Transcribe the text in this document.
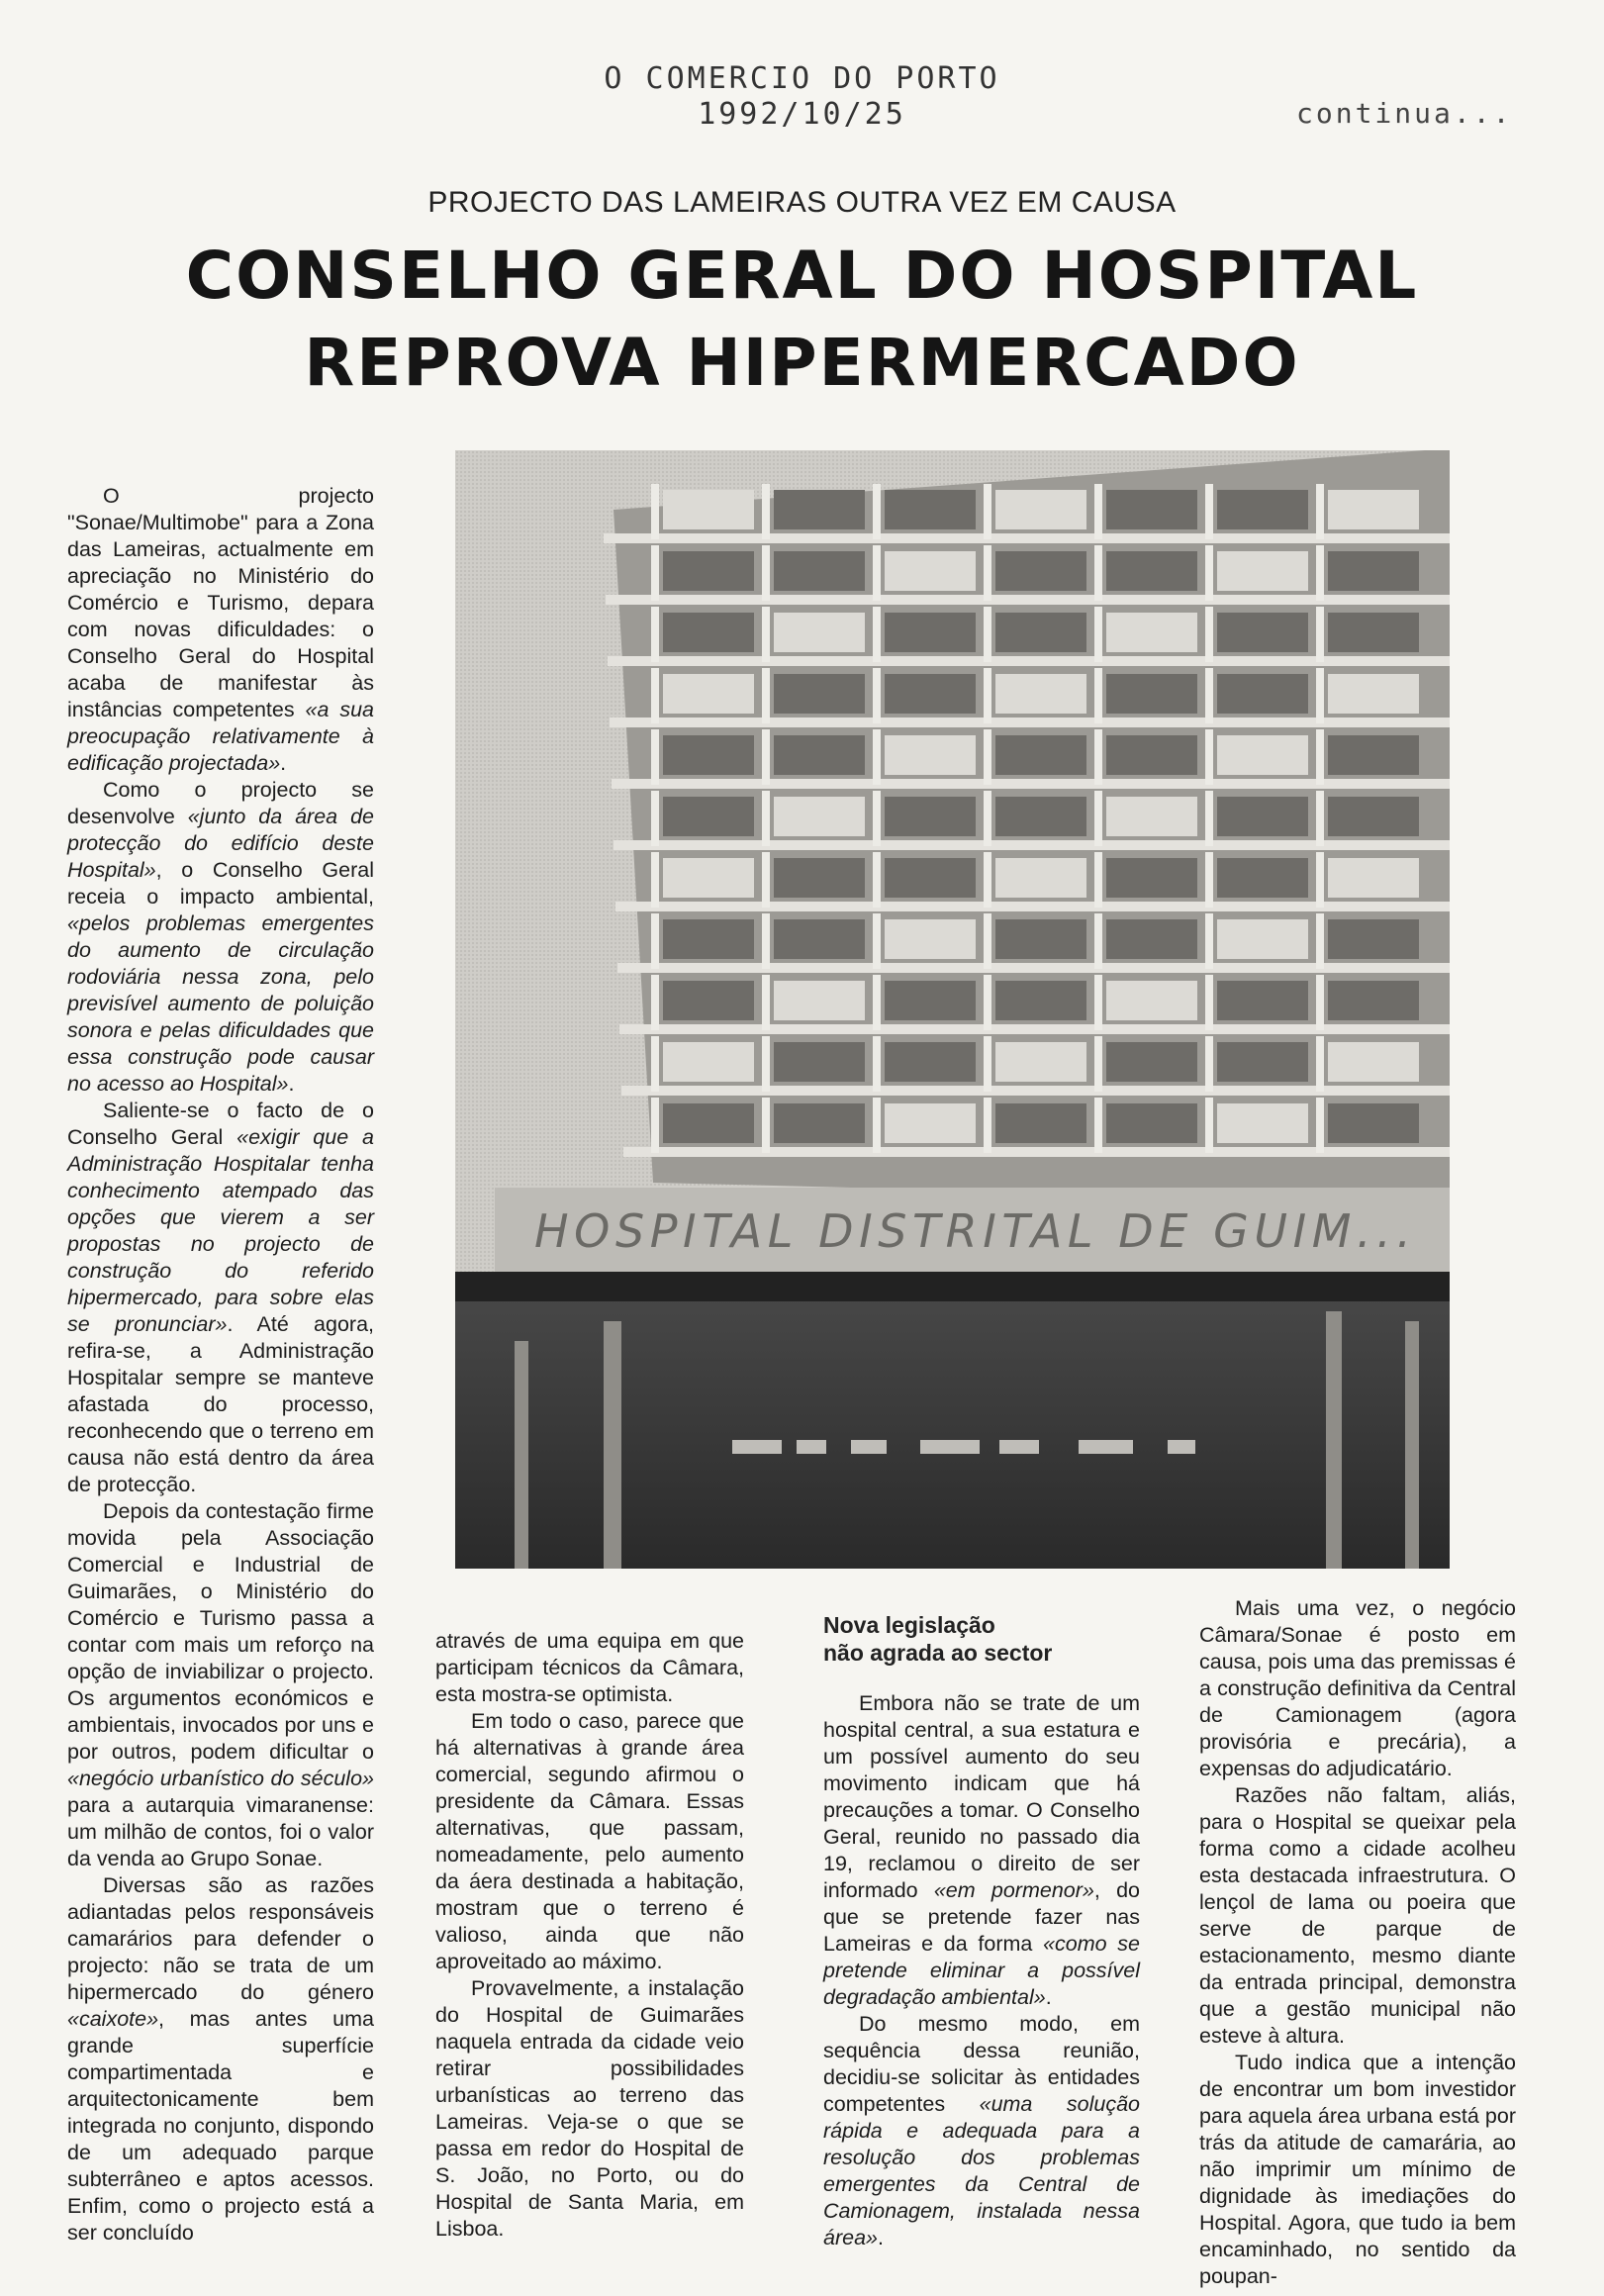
O COMERCIO DO PORTO
1992/10/25	continua...
PROJECTO DAS LAMEIRAS OUTRA VEZ EM CAUSA
CONSELHO GERAL DO HOSPITAL
REPROVA HIPERMERCADO
HOSPITAL DISTRITAL DE GUIM...

O projecto "Sonae/Multimobe" para a Zona das Lameiras, actualmente em apreciação no Ministério do Comércio e Turismo, depara com novas dificuldades: o Conselho Geral do Hospital acaba de manifestar às instâncias competentes «a sua preocupação relativamente à edificação projectada».

Como o projecto se desenvolve «junto da área de protecção do edifício deste Hospital», o Conselho Geral receia o impacto ambiental, «pelos problemas emergentes do aumento de circulação rodoviária nessa zona, pelo previsível aumento de poluição sonora e pelas dificuldades que essa construção pode causar no acesso ao Hospital».

Saliente-se o facto de o Conselho Geral «exigir que a Administração Hospitalar tenha conhecimento atempado das opções que vierem a ser propostas no projecto de construção do referido hipermercado, para sobre elas se pronunciar». Até agora, refira-se, a Administração Hospitalar sempre se manteve afastada do processo, reconhecendo que o terreno em causa não está dentro da área de protecção.

Depois da contestação firme movida pela Associação Comercial e Industrial de Guimarães, o Ministério do Comércio e Turismo passa a contar com mais um reforço na opção de inviabilizar o projecto. Os argumentos económicos e ambientais, invocados por uns e por outros, podem dificultar o «negócio urbanístico do século» para a autarquia vimaranense: um milhão de contos, foi o valor da venda ao Grupo Sonae.

Diversas são as razões adiantadas pelos responsáveis camarários para defender o projecto: não se trata de um hipermercado do género «caixote», mas antes uma grande superfície compartimentada e arquitectonicamente bem integrada no conjunto, dispondo de um adequado parque subterrâneo e aptos acessos. Enfim, como o projecto está a ser concluído

através de uma equipa em que participam técnicos da Câmara, esta mostra-se optimista.

Em todo o caso, parece que há alternativas à grande área comercial, segundo afirmou o presidente da Câmara. Essas alternativas, que passam, nomeadamente, pelo aumento da áera destinada a habitação, mostram que o terreno é valioso, ainda que não aproveitado ao máximo.

Provavelmente, a instalação do Hospital de Guimarães naquela entrada da cidade veio retirar possibilidades urbanísticas ao terreno das Lameiras. Veja-se o que se passa em redor do Hospital de S. João, no Porto, ou do Hospital de Santa Maria, em Lisboa.

Nova legislação
não agrada ao sector

Embora não se trate de um hospital central, a sua estatura e um possível aumento do seu movimento indicam que há precauções a tomar. O Conselho Geral, reunido no passado dia 19, reclamou o direito de ser informado «em pormenor», do que se pretende fazer nas Lameiras e da forma «como se pretende eliminar a possível degradação ambiental».

Do mesmo modo, em sequência dessa reunião, decidiu-se solicitar às entidades competentes «uma solução rápida e adequada para a resolução dos problemas emergentes da Central de Camionagem, instalada nessa área».

Mais uma vez, o negócio Câmara/Sonae é posto em causa, pois uma das premissas é a construção definitiva da Central de Camionagem (agora provisória e precária), a expensas do adjudicatário.

Razões não faltam, aliás, para o Hospital se queixar pela forma como a cidade acolheu esta destacada infraestrutura. O lençol de lama ou poeira que serve de parque de estacionamento, mesmo diante da entrada principal, demonstra que a gestão municipal não esteve à altura.

Tudo indica que a intenção de encontrar um bom investidor para aquela área urbana está por trás da atitude de camarária, ao não imprimir um mínimo de dignidade às imediações do Hospital. Agora, que tudo ia bem encaminhado, no sentido da poupan-
